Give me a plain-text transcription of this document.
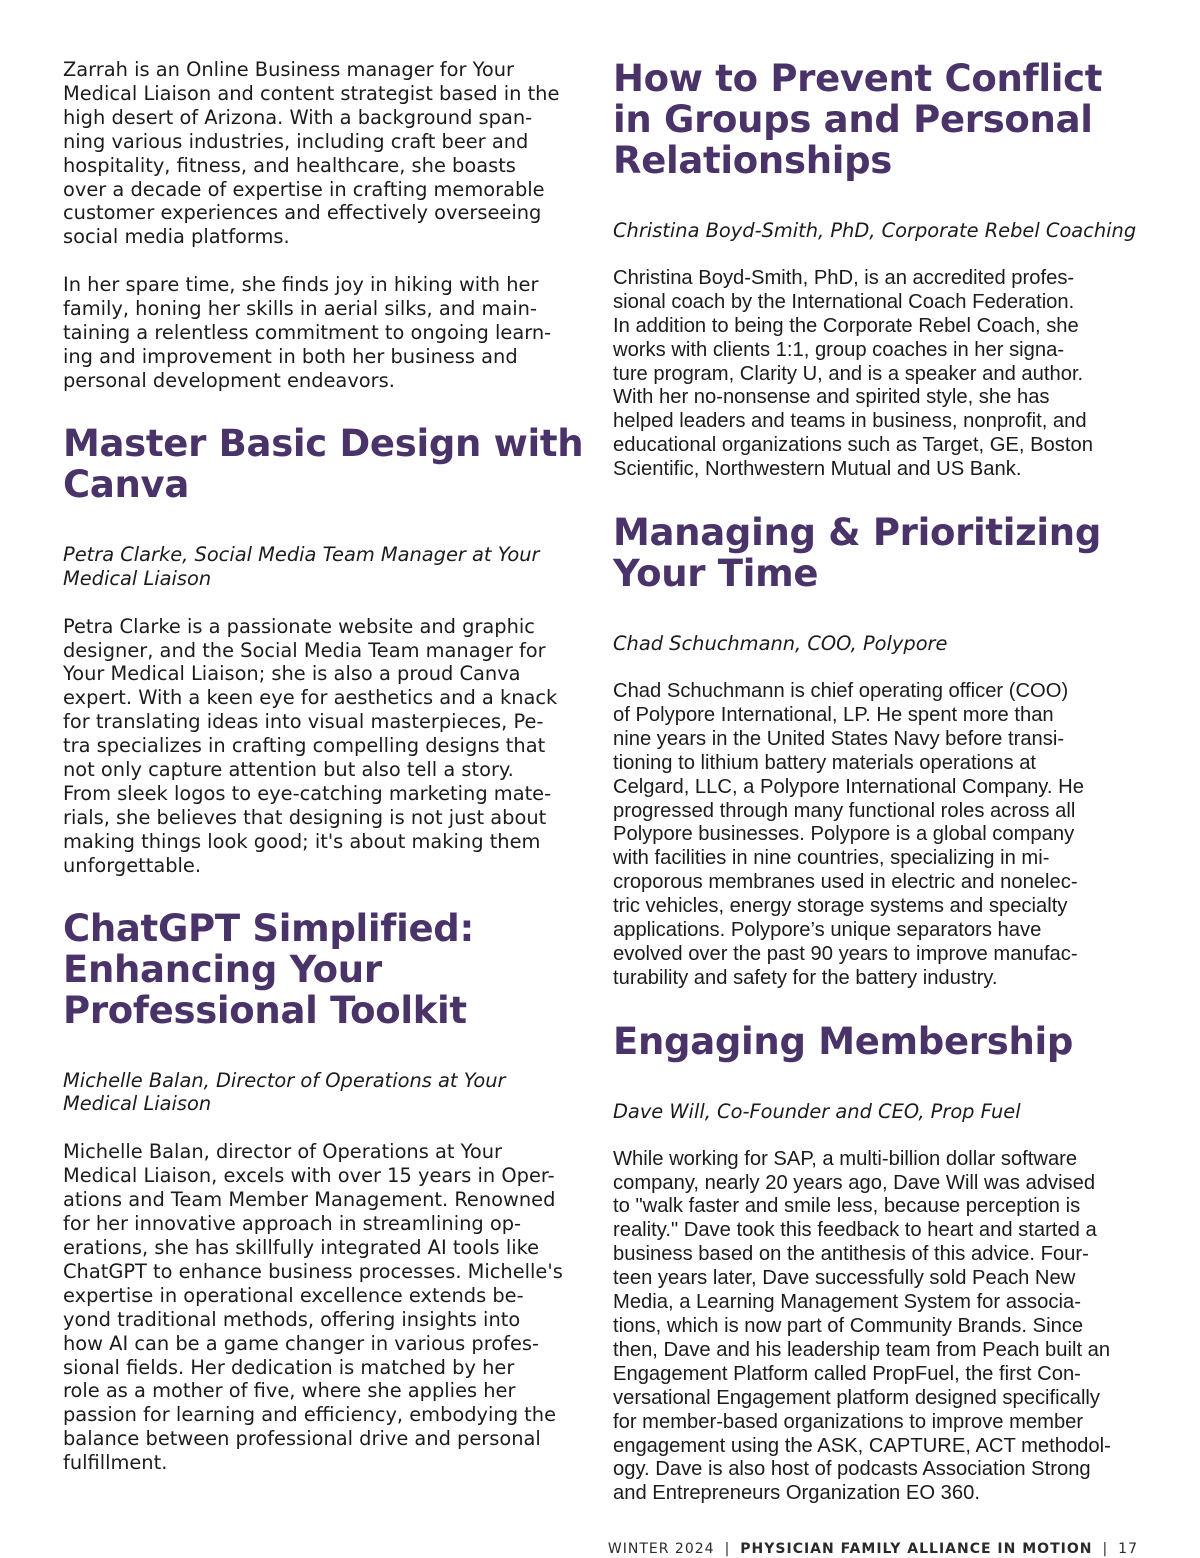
Zarrah is an Online Business manager for Your
Medical Liaison and content strategist based in the
high desert of Arizona. With a background span-
ning various industries, including craft beer and
hospitality, fitness, and healthcare, she boasts
over a decade of expertise in crafting memorable
customer experiences and effectively overseeing
social media platforms.

In her spare time, she finds joy in hiking with her
family, honing her skills in aerial silks, and main-
taining a relentless commitment to ongoing learn-
ing and improvement in both her business and
personal development endeavors.

Master Basic Design with
Canva

Petra Clarke, Social Media Team Manager at Your
Medical Liaison

Petra Clarke is a passionate website and graphic
designer, and the Social Media Team manager for
Your Medical Liaison; she is also a proud Canva
expert. With a keen eye for aesthetics and a knack
for translating ideas into visual masterpieces, Pe-
tra specializes in crafting compelling designs that
not only capture attention but also tell a story.
From sleek logos to eye-catching marketing mate-
rials, she believes that designing is not just about
making things look good; it's about making them
unforgettable.

ChatGPT Simplified:
Enhancing Your
Professional Toolkit

Michelle Balan, Director of Operations at Your
Medical Liaison

Michelle Balan, director of Operations at Your
Medical Liaison, excels with over 15 years in Oper-
ations and Team Member Management. Renowned
for her innovative approach in streamlining op-
erations, she has skillfully integrated AI tools like
ChatGPT to enhance business processes. Michelle's
expertise in operational excellence extends be-
yond traditional methods, offering insights into
how AI can be a game changer in various profes-
sional fields. Her dedication is matched by her
role as a mother of five, where she applies her
passion for learning and efficiency, embodying the
balance between professional drive and personal
fulfillment.

How to Prevent Conflict
in Groups and Personal
Relationships

Christina Boyd-Smith, PhD, Corporate Rebel Coaching

Christina Boyd-Smith, PhD, is an accredited profes-
sional coach by the International Coach Federation.
In addition to being the Corporate Rebel Coach, she
works with clients 1:1, group coaches in her signa-
ture program, Clarity U, and is a speaker and author.
With her no-nonsense and spirited style, she has
helped leaders and teams in business, nonprofit, and
educational organizations such as Target, GE, Boston
Scientific, Northwestern Mutual and US Bank.

Managing & Prioritizing
Your Time

Chad Schuchmann, COO, Polypore

Chad Schuchmann is chief operating officer (COO)
of Polypore International, LP. He spent more than
nine years in the United States Navy before transi-
tioning to lithium battery materials operations at
Celgard, LLC, a Polypore International Company. He
progressed through many functional roles across all
Polypore businesses. Polypore is a global company
with facilities in nine countries, specializing in mi-
croporous membranes used in electric and nonelec-
tric vehicles, energy storage systems and specialty
applications. Polypore’s unique separators have
evolved over the past 90 years to improve manufac-
turability and safety for the battery industry.

Engaging Membership

Dave Will, Co-Founder and CEO, Prop Fuel

While working for SAP, a multi-billion dollar software
company, nearly 20 years ago, Dave Will was advised
to "walk faster and smile less, because perception is
reality." Dave took this feedback to heart and started a
business based on the antithesis of this advice. Four-
teen years later, Dave successfully sold Peach New
Media, a Learning Management System for associa-
tions, which is now part of Community Brands. Since
then, Dave and his leadership team from Peach built an
Engagement Platform called PropFuel, the first Con-
versational Engagement platform designed specifically
for member-based organizations to improve member
engagement using the ASK, CAPTURE, ACT methodol-
ogy. Dave is also host of podcasts Association Strong
and Entrepreneurs Organization EO 360.

WINTER 2024 | PHYSICIAN FAMILY ALLIANCE IN MOTION | 17
